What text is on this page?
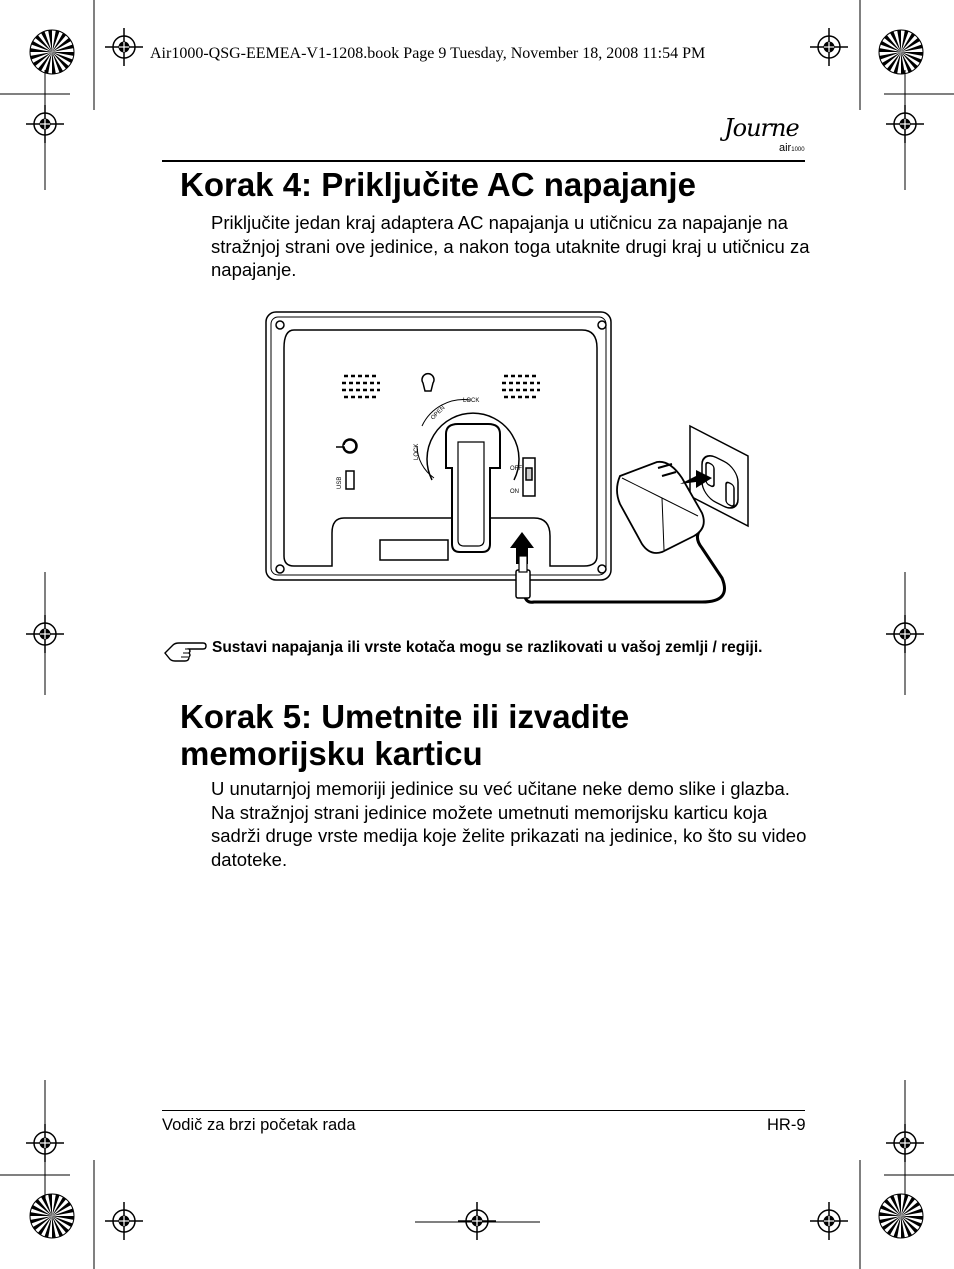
Air1000-QSG-EEMEA-V1-1208.book Page 9 Tuesday, November 18, 2008 11:54 PM
Journe
air1000
Korak 4: Priključite AC napajanje

Priključite jedan kraj adaptera AC napajanja u utičnicu za napajanje na stražnjoj strani ove jedinice, a nakon toga utaknite drugi kraj u utičnicu za napajanje.

LOCK
OPEN
LOCK
USB
OFF
ON

Sustavi napajanja ili vrste kotača mogu se razlikovati u vašoj zemlji / regiji.

Korak 5: Umetnite ili izvadite memorijsku karticu

U unutarnjoj memoriji jedinice su već učitane neke demo slike i glazba. Na stražnjoj strani jedinice možete umetnuti memorijsku karticu koja sadrži druge vrste medija koje želite prikazati na jedinice, ko što su video datoteke.

Vodič za brzi početak rada	HR-9
